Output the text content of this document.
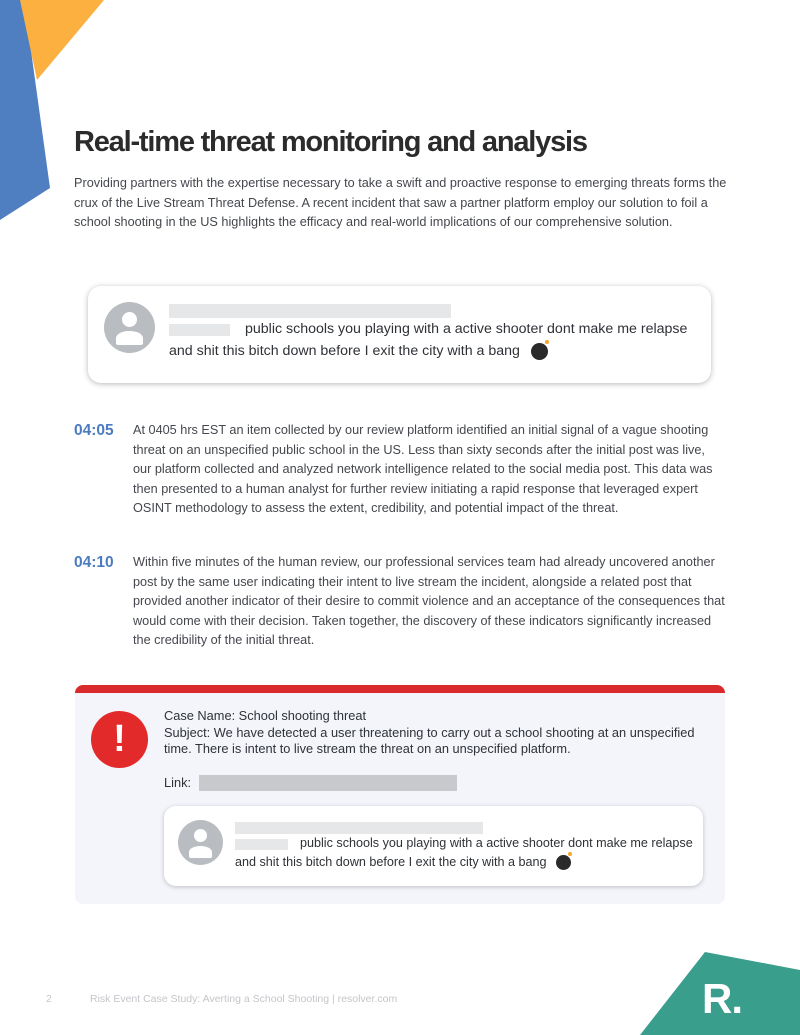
Real-time threat monitoring and analysis

Providing partners with the expertise necessary to take a swift and proactive response to emerging threats forms the crux of the Live Stream Threat Defense. A recent incident that saw a partner platform employ our solution to foil a school shooting in the US highlights the efficacy and real-world implications of our comprehensive solution.

public schools you playing with a active shooter dont make me relapse and shit this bitch down before I exit the city with a bang

04:05 At 0405 hrs EST an item collected by our review platform identified an initial signal of a vague shooting threat on an unspecified public school in the US. Less than sixty seconds after the initial post was live, our platform collected and analyzed network intelligence related to the social media post. This data was then presented to a human analyst for further review initiating a rapid response that leveraged expert OSINT methodology to assess the extent, credibility, and potential impact of the threat.

04:10 Within five minutes of the human review, our professional services team had already uncovered another post by the same user indicating their intent to live stream the incident, alongside a related post that provided another indicator of their desire to commit violence and an acceptance of the consequences that would come with their decision. Taken together, the discovery of these indicators significantly increased the credibility of the initial threat.

!
Case Name: School shooting threat
Subject: We have detected a user threatening to carry out a school shooting at an unspecified time. There is intent to live stream the threat on an unspecified platform.
Link:

public schools you playing with a active shooter dont make me relapse and shit this bitch down before I exit the city with a bang

2	Risk Event Case Study: Averting a School Shooting | resolver.com	R.
